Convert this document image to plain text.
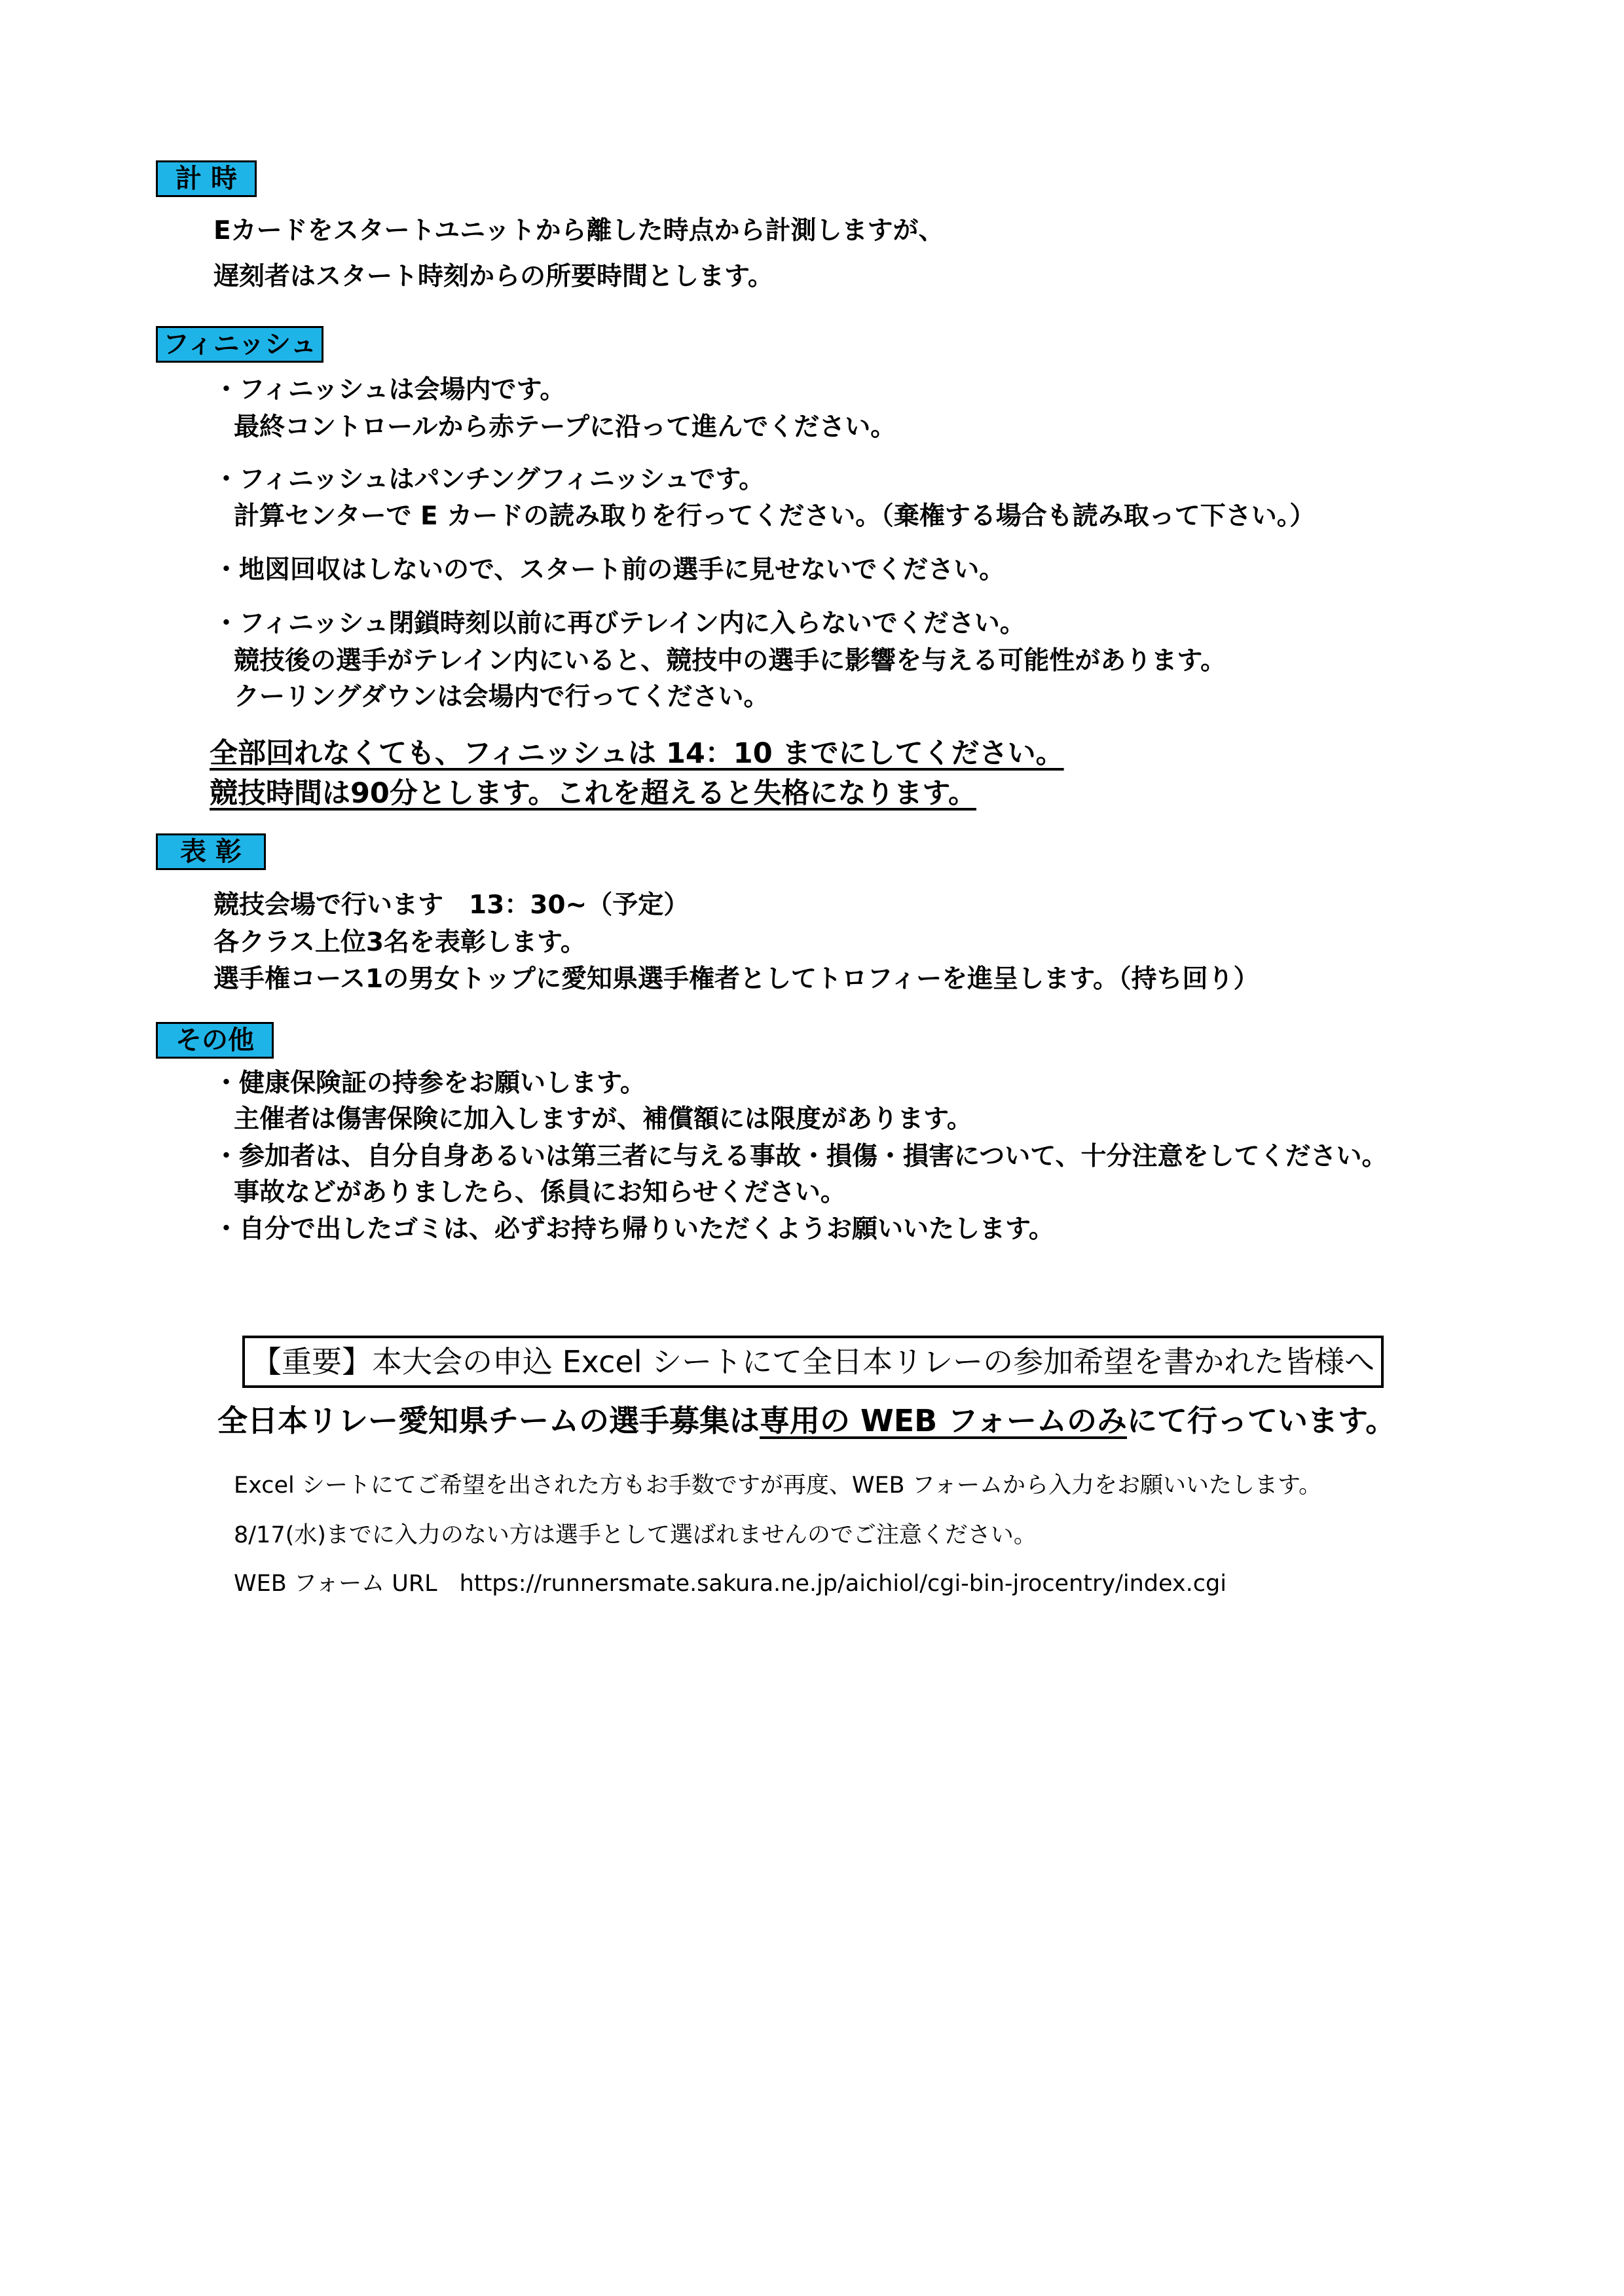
計 時
Eカードをスタートユニットから離した時点から計測しますが、
遅刻者はスタート時刻からの所要時間とします。
フィニッシュ
・フィニッシュは会場内です。
最終コントロールから赤テープに沿って進んでください。
・フィニッシュはパンチングフィニッシュです。
計算センターで E カードの読み取りを行ってください。（棄権する場合も読み取って下さい。）
・地図回収はしないので、スタート前の選手に見せないでください。
・フィニッシュ閉鎖時刻以前に再びテレイン内に入らないでください。
競技後の選手がテレイン内にいると、競技中の選手に影響を与える可能性があります。
クーリングダウンは会場内で行ってください。
全部回れなくても、フィニッシュは 14：10 までにしてください。
競技時間は90分とします。これを超えると失格になります。
表 彰
競技会場で行います　13：30~（予定）
各クラス上位3名を表彰します。
選手権コース1の男女トップに愛知県選手権者としてトロフィーを進呈します。（持ち回り）
その他
・健康保険証の持参をお願いします。
主催者は傷害保険に加入しますが、補償額には限度があります。
・参加者は、自分自身あるいは第三者に与える事故・損傷・損害について、十分注意をしてください。
事故などがありましたら、係員にお知らせください。
・自分で出したゴミは、必ずお持ち帰りいただくようお願いいたします。
【重要】本大会の申込 Excel シートにて全日本リレーの参加希望を書かれた皆様へ
全日本リレー愛知県チームの選手募集は専用の WEB フォームのみにて行っています。
Excel シートにてご希望を出された方もお手数ですが再度、WEB フォームから入力をお願いいたします。
8/17(水)までに入力のない方は選手として選ばれませんのでご注意ください。
WEB フォーム URL https://runnersmate.sakura.ne.jp/aichiol/cgi-bin-jrocentry/index.cgi
